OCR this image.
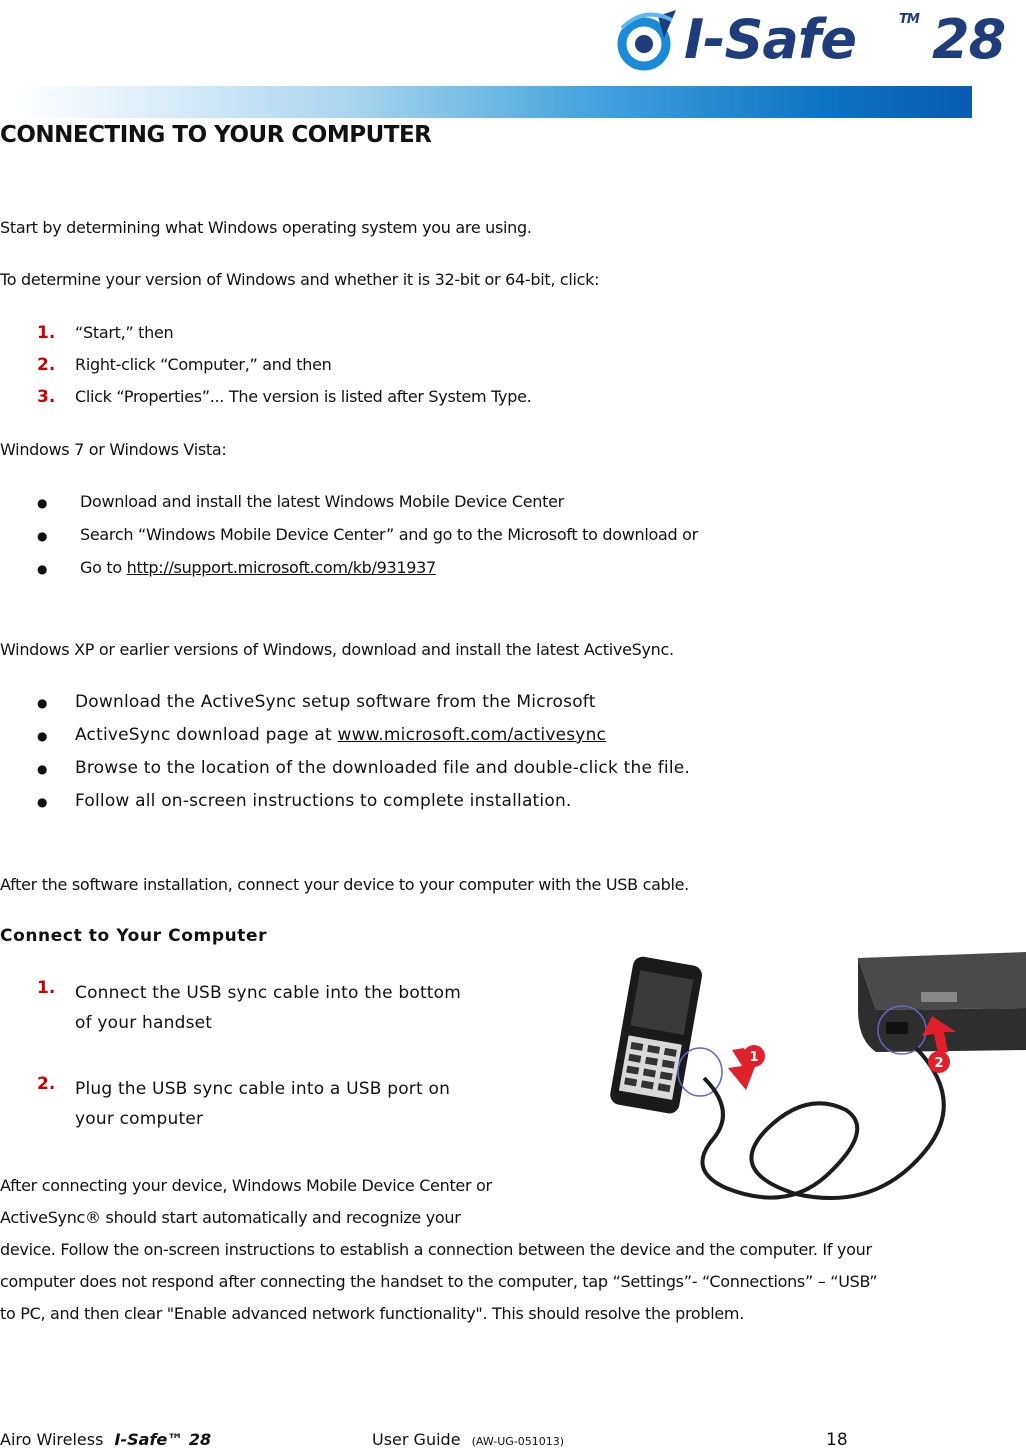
I-Safe	TM 28
CONNECTING TO YOUR COMPUTER
Start by determining what Windows operating system you are using.
To determine your version of Windows and whether it is 32-bit or 64-bit, click:
1. “Start,” then
2. Right-click “Computer,” and then
3. Click “Properties”... The version is listed after System Type.
Windows 7 or Windows Vista:
● Download and install the latest Windows Mobile Device Center
● Search “Windows Mobile Device Center” and go to the Microsoft to download or
● Go to http://support.microsoft.com/kb/931937
Windows XP or earlier versions of Windows, download and install the latest ActiveSync.
● Download the ActiveSync setup software from the Microsoft
● ActiveSync download page at www.microsoft.com/activesync
● Browse to the location of the downloaded file and double-click the file.
● Follow all on-screen instructions to complete installation.
After the software installation, connect your device to your computer with the USB cable.
Connect to Your Computer
1. Connect the USB sync cable into the bottom
of your handset
2. Plug the USB sync cable into a USB port on
your computer
1	2
After connecting your device, Windows Mobile Device Center or
ActiveSync® should start automatically and recognize your
device. Follow the on-screen instructions to establish a connection between the device and the computer. If your
computer does not respond after connecting the handset to the computer, tap “Settings”- “Connections” – “USB”
to PC, and then clear "Enable advanced network functionality". This should resolve the problem.
Airo Wireless I-Safe™ 28	User Guide (AW-UG-051013)	18
